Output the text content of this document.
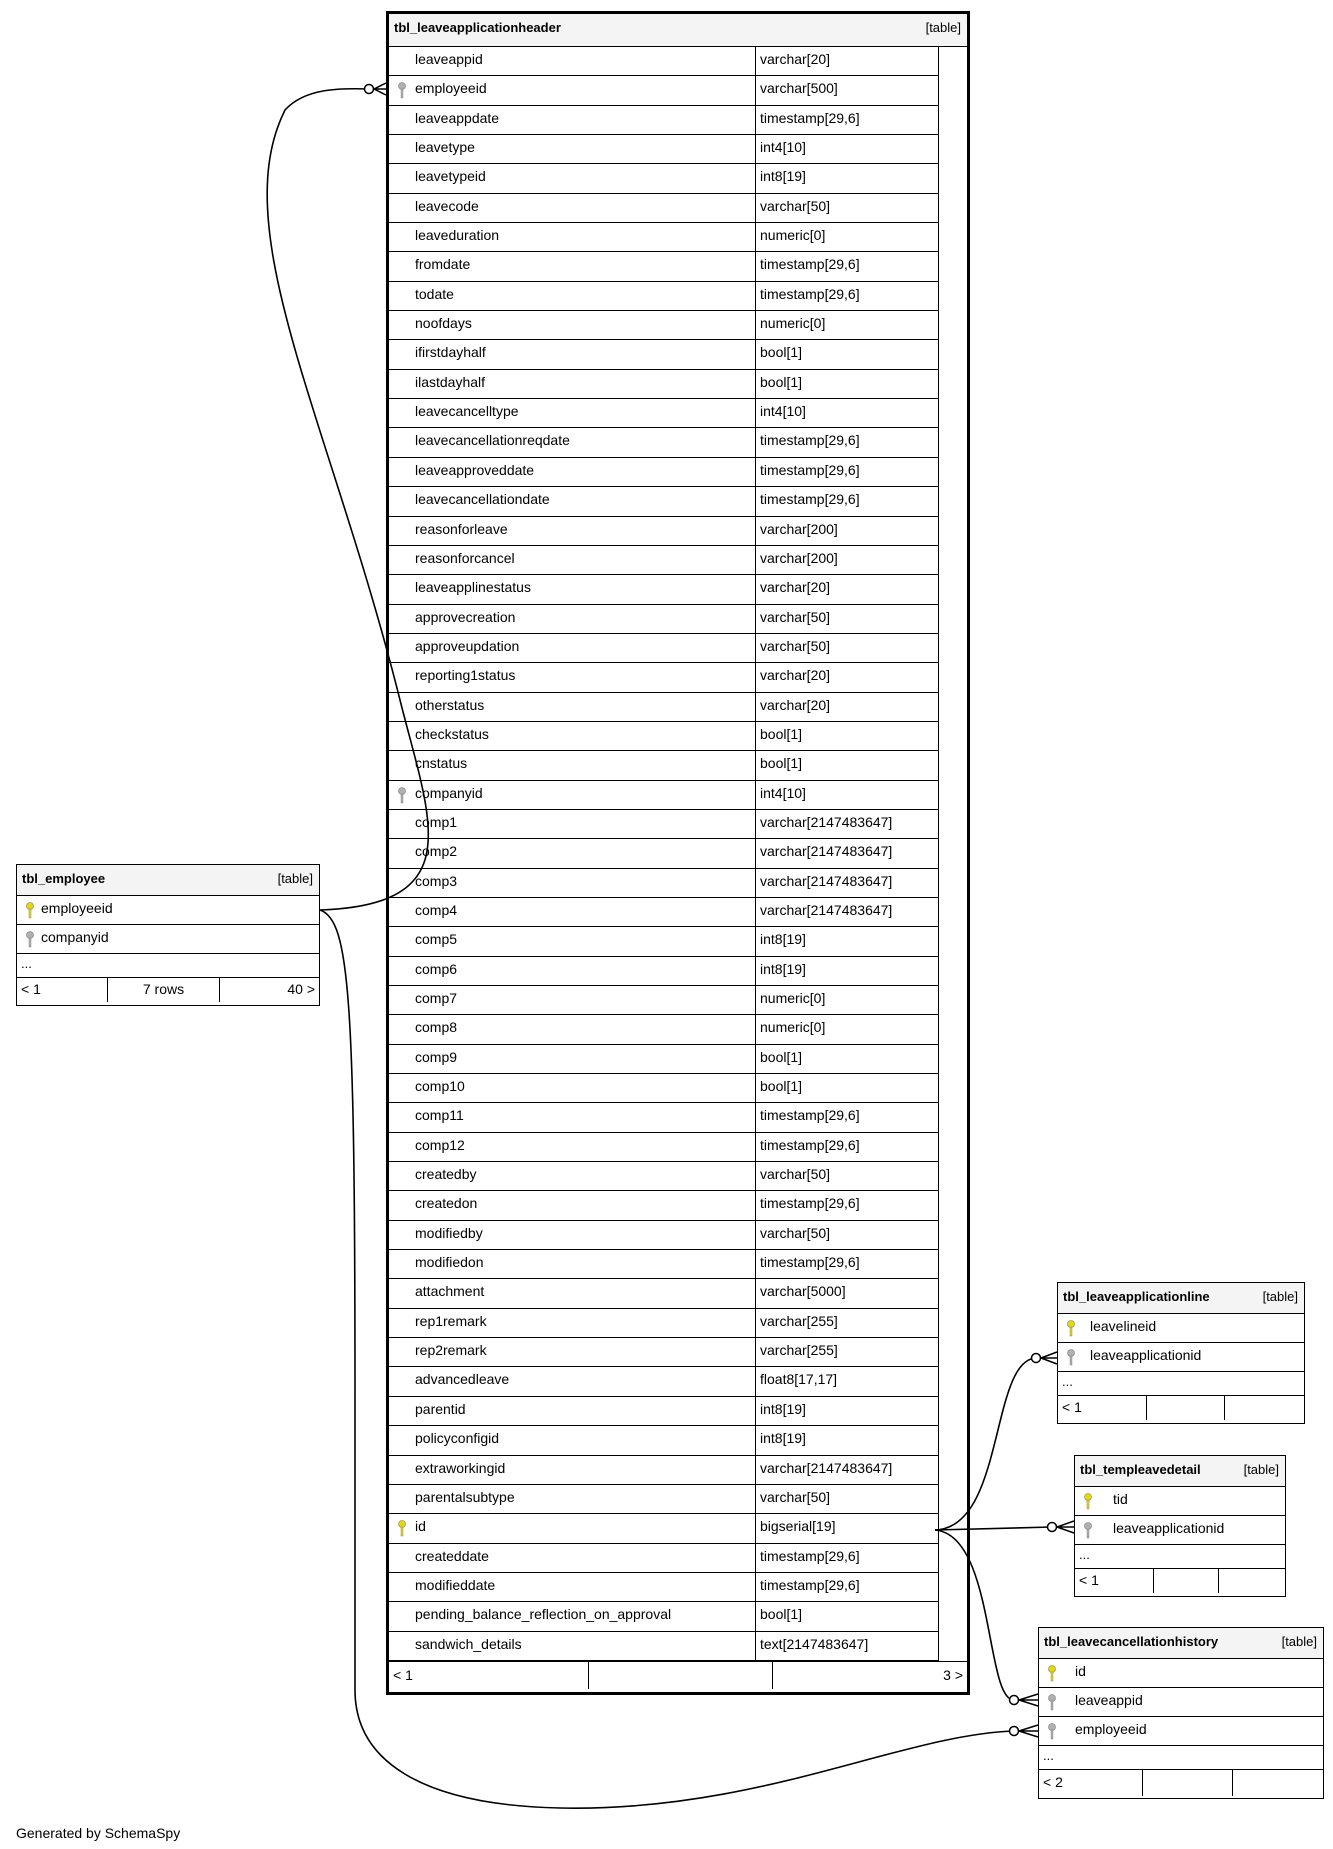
tbl_leaveapplicationheader	[table]
leaveappid	varchar[20]
employeeid	varchar[500]
leaveappdate	timestamp[29,6]
leavetype	int4[10]
leavetypeid	int8[19]
leavecode	varchar[50]
leaveduration	numeric[0]
fromdate	timestamp[29,6]
todate	timestamp[29,6]
noofdays	numeric[0]
ifirstdayhalf	bool[1]
ilastdayhalf	bool[1]
leavecancelltype	int4[10]
leavecancellationreqdate	timestamp[29,6]
leaveapproveddate	timestamp[29,6]
leavecancellationdate	timestamp[29,6]
reasonforleave	varchar[200]
reasonforcancel	varchar[200]
leaveapplinestatus	varchar[20]
approvecreation	varchar[50]
approveupdation	varchar[50]
reporting1status	varchar[20]
otherstatus	varchar[20]
checkstatus	bool[1]
cnstatus	bool[1]
companyid	int4[10]
comp1	varchar[2147483647]
comp2	varchar[2147483647]
comp3	varchar[2147483647]
comp4	varchar[2147483647]
comp5	int8[19]
comp6	int8[19]
comp7	numeric[0]
comp8	numeric[0]
comp9	bool[1]
comp10	bool[1]
comp11	timestamp[29,6]
comp12	timestamp[29,6]
createdby	varchar[50]
createdon	timestamp[29,6]
modifiedby	varchar[50]
modifiedon	timestamp[29,6]
attachment	varchar[5000]
rep1remark	varchar[255]
rep2remark	varchar[255]
advancedleave	float8[17,17]
parentid	int8[19]
policyconfigid	int8[19]
extraworkingid	varchar[2147483647]
parentalsubtype	varchar[50]
id	bigserial[19]
createddate	timestamp[29,6]
modifieddate	timestamp[29,6]
pending_balance_reflection_on_approval	bool[1]
sandwich_details	text[2147483647]
< 1	3 >
tbl_employee	[table]
employeeid
companyid
...
< 1	7 rows	40 >
tbl_leaveapplicationline	[table]
leavelineid
leaveapplicationid
...
< 1
tbl_templeavedetail	[table]
tid
leaveapplicationid
...
< 1
tbl_leavecancellationhistory	[table]
id
leaveappid
employeeid
...
< 2
Generated by SchemaSpy
